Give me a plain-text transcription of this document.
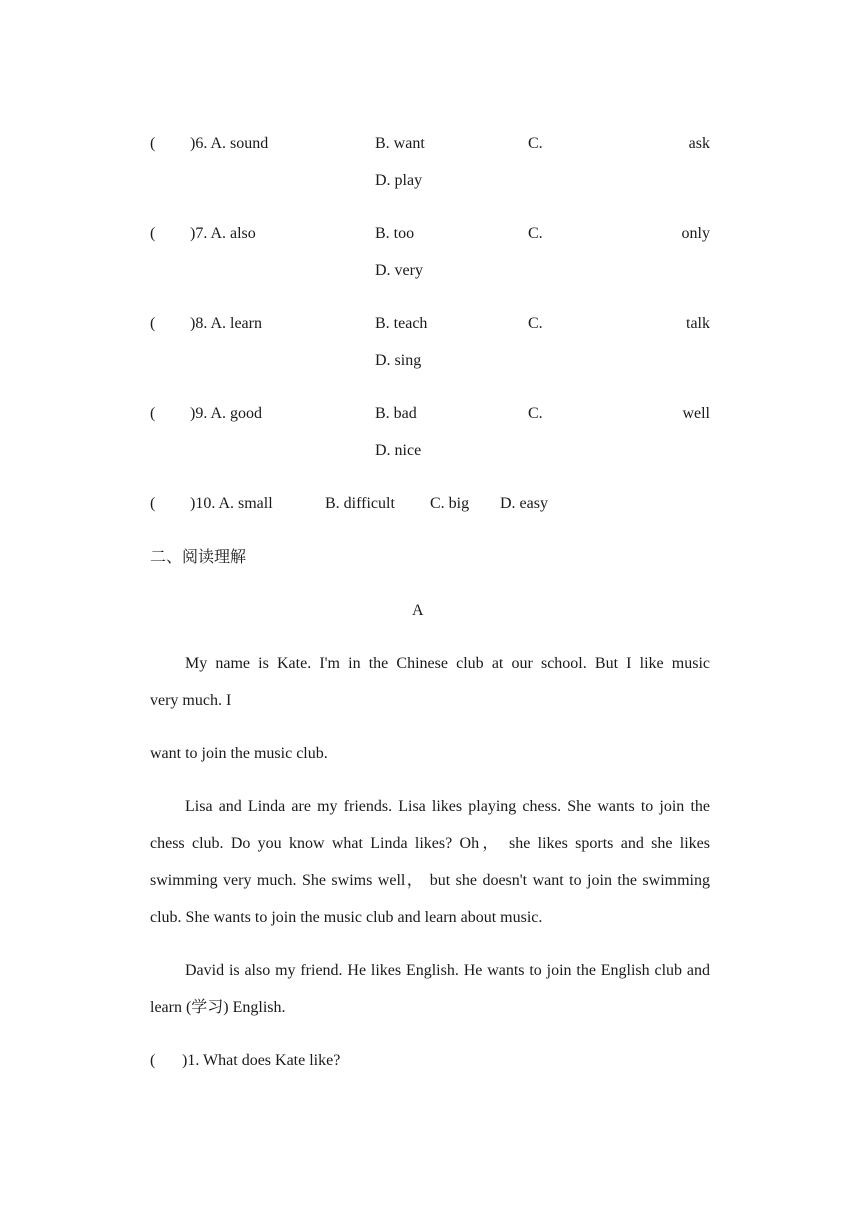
( )6. A. sound	B. want	C.	ask
D. play
( )7. A. also	B. too	C.	only
D. very
( )8. A. learn	B. teach	C.	talk
D. sing
( )9. A. good	B. bad	C.	well
D. nice
( )10. A. small	B. difficult C. big D. easy
二、阅读理解
A
My name is Kate. I'm in the Chinese club at our school. But I like music
very much. I
want to join the music club.
Lisa and Linda are my friends. Lisa likes playing chess. She wants to join the chess club. Do you know what Linda likes? Oh， she likes sports and she likes swimming very much. She swims well， but she doesn't want to join the swimming club. She wants to join the music club and learn about music.
David is also my friend. He likes English. He wants to join the English club and learn (学习) English.
( )1. What does Kate like?
